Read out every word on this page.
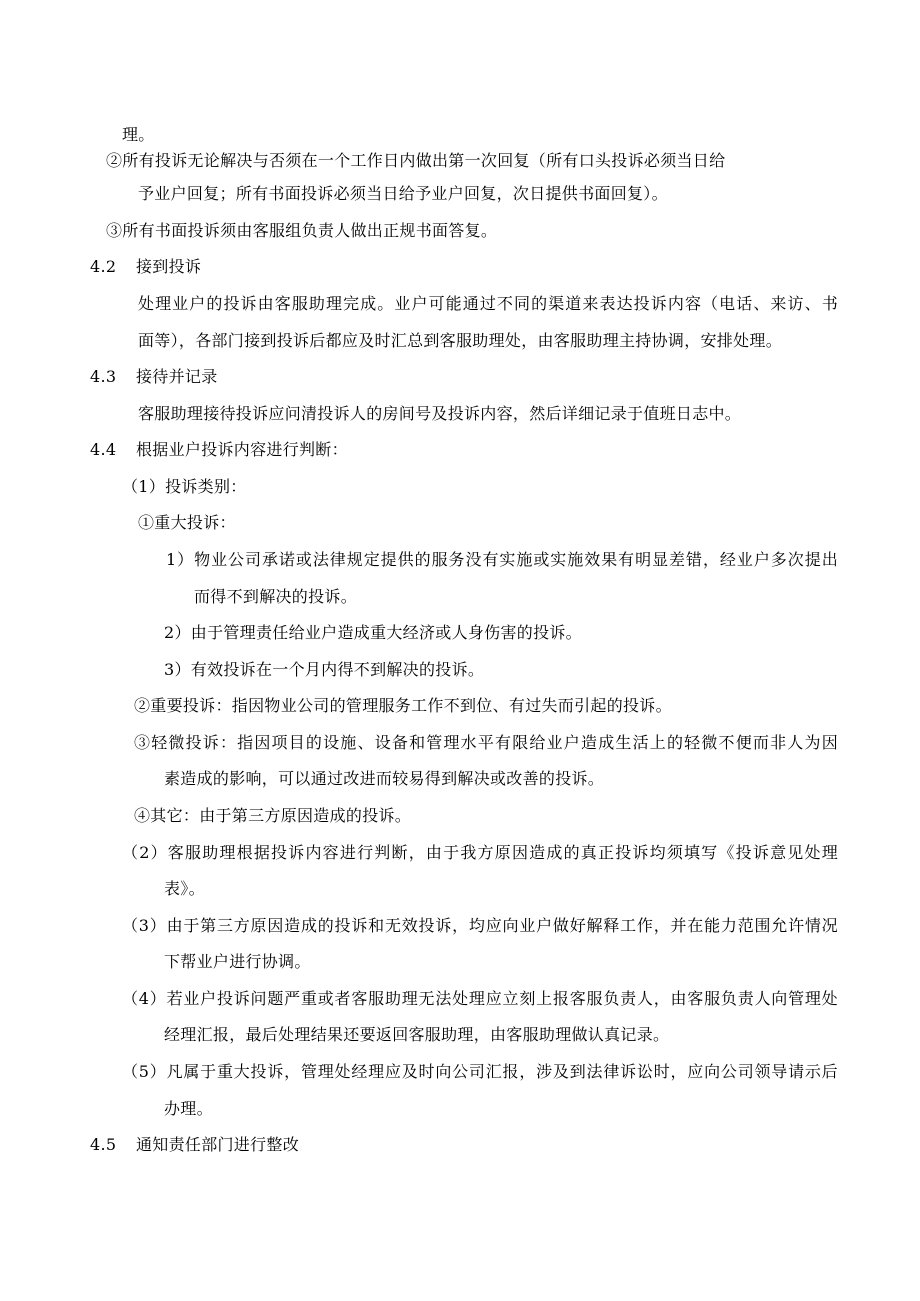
理。
②所有投诉无论解决与否须在一个工作日内做出第一次回复（所有口头投诉必须当日给
予业户回复；所有书面投诉必须当日给予业户回复，次日提供书面回复）。
③所有书面投诉须由客服组负责人做出正规书面答复。
4.2 接到投诉
处理业户的投诉由客服助理完成。业户可能通过不同的渠道来表达投诉内容（电话、来访、书
面等），各部门接到投诉后都应及时汇总到客服助理处，由客服助理主持协调，安排处理。
4.3 接待并记录
客服助理接待投诉应问清投诉人的房间号及投诉内容，然后详细记录于值班日志中。
4.4 根据业户投诉内容进行判断：
（1）投诉类别：
①重大投诉：
1）物业公司承诺或法律规定提供的服务没有实施或实施效果有明显差错，经业户多次提出
而得不到解决的投诉。
2）由于管理责任给业户造成重大经济或人身伤害的投诉。
3）有效投诉在一个月内得不到解决的投诉。
②重要投诉：指因物业公司的管理服务工作不到位、有过失而引起的投诉。
③轻微投诉：指因项目的设施、设备和管理水平有限给业户造成生活上的轻微不便而非人为因
素造成的影响，可以通过改进而较易得到解决或改善的投诉。
④其它：由于第三方原因造成的投诉。
（2）客服助理根据投诉内容进行判断，由于我方原因造成的真正投诉均须填写《投诉意见处理
表》。
（3）由于第三方原因造成的投诉和无效投诉，均应向业户做好解释工作，并在能力范围允许情况
下帮业户进行协调。
（4）若业户投诉问题严重或者客服助理无法处理应立刻上报客服负责人，由客服负责人向管理处
经理汇报，最后处理结果还要返回客服助理，由客服助理做认真记录。
（5）凡属于重大投诉，管理处经理应及时向公司汇报，涉及到法律诉讼时，应向公司领导请示后
办理。
4.5 通知责任部门进行整改
